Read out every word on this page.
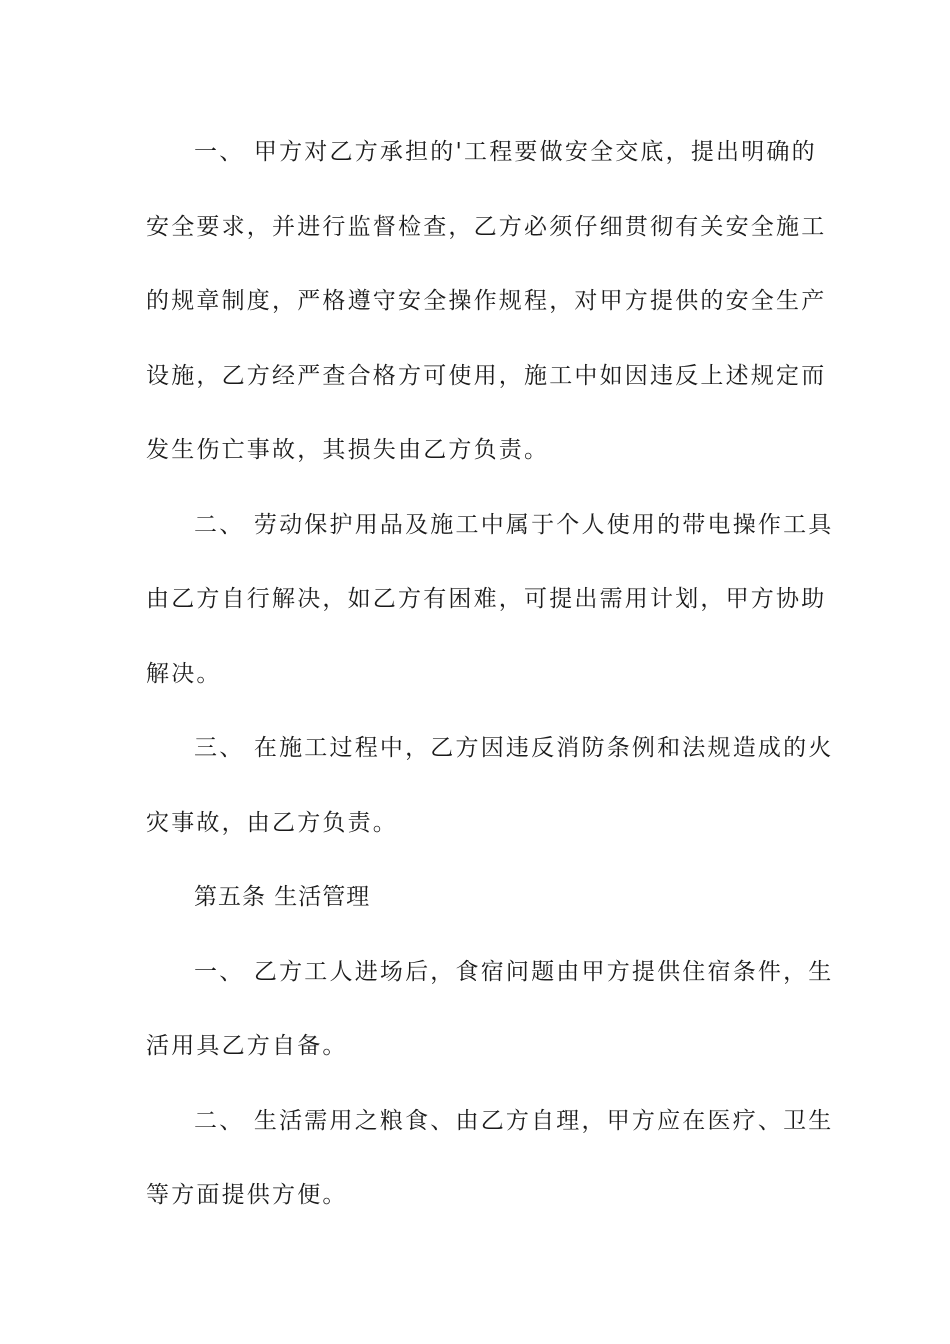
一、 甲方对乙方承担的'工程要做安全交底，提出明确的
安全要求，并进行监督检查，乙方必须仔细贯彻有关安全施工
的规章制度，严格遵守安全操作规程，对甲方提供的安全生产
设施，乙方经严查合格方可使用，施工中如因违反上述规定而
发生伤亡事故，其损失由乙方负责。
二、 劳动保护用品及施工中属于个人使用的带电操作工具
由乙方自行解决，如乙方有困难，可提出需用计划，甲方协助
解决。
三、 在施工过程中，乙方因违反消防条例和法规造成的火
灾事故，由乙方负责。
第五条 生活管理
一、 乙方工人进场后，食宿问题由甲方提供住宿条件，生
活用具乙方自备。
二、 生活需用之粮食、由乙方自理，甲方应在医疗、卫生
等方面提供方便。
